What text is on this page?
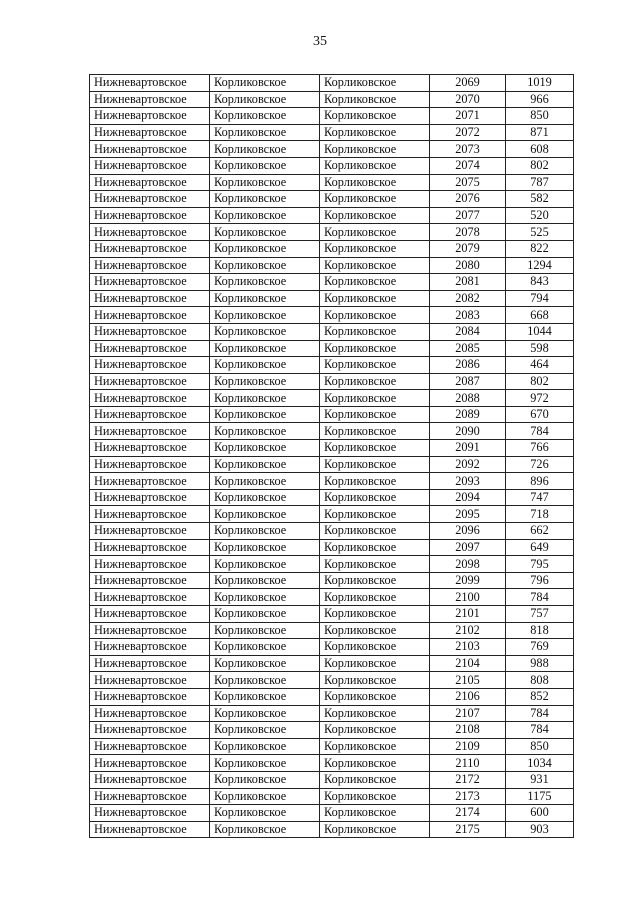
35
Нижневартовское	Корликовское	Корликовское	2069	1019
Нижневартовское	Корликовское	Корликовское	2070	966
Нижневартовское	Корликовское	Корликовское	2071	850
Нижневартовское	Корликовское	Корликовское	2072	871
Нижневартовское	Корликовское	Корликовское	2073	608
Нижневартовское	Корликовское	Корликовское	2074	802
Нижневартовское	Корликовское	Корликовское	2075	787
Нижневартовское	Корликовское	Корликовское	2076	582
Нижневартовское	Корликовское	Корликовское	2077	520
Нижневартовское	Корликовское	Корликовское	2078	525
Нижневартовское	Корликовское	Корликовское	2079	822
Нижневартовское	Корликовское	Корликовское	2080	1294
Нижневартовское	Корликовское	Корликовское	2081	843
Нижневартовское	Корликовское	Корликовское	2082	794
Нижневартовское	Корликовское	Корликовское	2083	668
Нижневартовское	Корликовское	Корликовское	2084	1044
Нижневартовское	Корликовское	Корликовское	2085	598
Нижневартовское	Корликовское	Корликовское	2086	464
Нижневартовское	Корликовское	Корликовское	2087	802
Нижневартовское	Корликовское	Корликовское	2088	972
Нижневартовское	Корликовское	Корликовское	2089	670
Нижневартовское	Корликовское	Корликовское	2090	784
Нижневартовское	Корликовское	Корликовское	2091	766
Нижневартовское	Корликовское	Корликовское	2092	726
Нижневартовское	Корликовское	Корликовское	2093	896
Нижневартовское	Корликовское	Корликовское	2094	747
Нижневартовское	Корликовское	Корликовское	2095	718
Нижневартовское	Корликовское	Корликовское	2096	662
Нижневартовское	Корликовское	Корликовское	2097	649
Нижневартовское	Корликовское	Корликовское	2098	795
Нижневартовское	Корликовское	Корликовское	2099	796
Нижневартовское	Корликовское	Корликовское	2100	784
Нижневартовское	Корликовское	Корликовское	2101	757
Нижневартовское	Корликовское	Корликовское	2102	818
Нижневартовское	Корликовское	Корликовское	2103	769
Нижневартовское	Корликовское	Корликовское	2104	988
Нижневартовское	Корликовское	Корликовское	2105	808
Нижневартовское	Корликовское	Корликовское	2106	852
Нижневартовское	Корликовское	Корликовское	2107	784
Нижневартовское	Корликовское	Корликовское	2108	784
Нижневартовское	Корликовское	Корликовское	2109	850
Нижневартовское	Корликовское	Корликовское	2110	1034
Нижневартовское	Корликовское	Корликовское	2172	931
Нижневартовское	Корликовское	Корликовское	2173	1175
Нижневартовское	Корликовское	Корликовское	2174	600
Нижневартовское	Корликовское	Корликовское	2175	903
